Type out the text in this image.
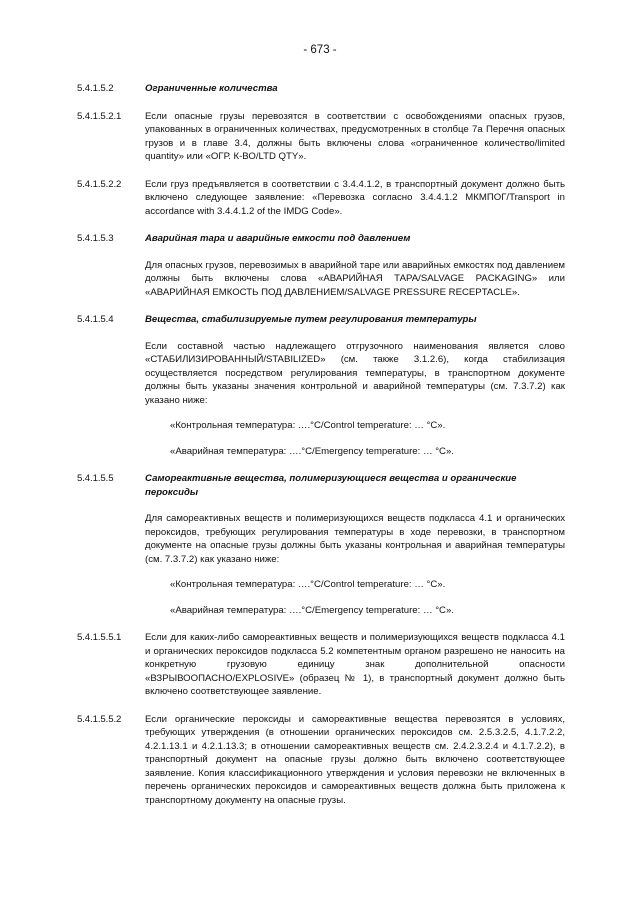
- 673 -
5.4.1.5.2	Ограниченные количества
5.4.1.5.2.1 Если опасные грузы перевозятся в соответствии с освобождениями опасных грузов, упакованных в ограниченных количествах, предусмотренных в столбце 7a Перечня опасных грузов и в главе 3.4, должны быть включены слова «ограниченное количество/limited quantity» или «ОГР. К-ВО/LTD QTY».
5.4.1.5.2.2 Если груз предъявляется в соответствии с 3.4.4.1.2, в транспортный документ должно быть включено следующее заявление: «Перевозка согласно 3.4.4.1.2 МКМПОГ/Transport in accordance with 3.4.4.1.2 of the IMDG Code».
5.4.1.5.3	Аварийная тара и аварийные емкости под давлением
Для опасных грузов, перевозимых в аварийной таре или аварийных емкостях под давлением должны быть включены слова «АВАРИЙНАЯ ТАРА/SALVAGE PACKAGING» или «АВАРИЙНАЯ ЕМКОСТЬ ПОД ДАВЛЕНИЕМ/SALVAGE PRESSURE RECEPTACLE».
5.4.1.5.4	Вещества, стабилизируемые путем регулирования температуры
Если составной частью надлежащего отгрузочного наименования является слово «СТАБИЛИЗИРОВАННЫЙ/STABILIZED» (см. также 3.1.2.6), когда стабилизация осуществляется посредством регулирования температуры, в транспортном документе должны быть указаны значения контрольной и аварийной температуры (см. 7.3.7.2) как указано ниже:
«Контрольная температура: ….°C/Control temperature: … °C».
«Аварийная температура: ….°C/Emergency temperature: … °C».
5.4.1.5.5	Самореактивные вещества, полимеризующиеся вещества и органические пероксиды
Для самореактивных веществ и полимеризующихся веществ подкласса 4.1 и органических пероксидов, требующих регулирования температуры в ходе перевозки, в транспортном документе на опасные грузы должны быть указаны контрольная и аварийная температуры (см. 7.3.7.2) как указано ниже:
«Контрольная температура: ….°C/Control temperature: … °C».
«Аварийная температура: ….°C/Emergency temperature: … °C».
5.4.1.5.5.1 Если для каких-либо самореактивных веществ и полимеризующихся веществ подкласса 4.1 и органических пероксидов подкласса 5.2 компетентным органом разрешено не наносить на конкретную грузовую единицу знак дополнительной опасности «ВЗРЫВООПАСНО/EXPLOSIVE» (образец № 1), в транспортный документ должно быть включено соответствующее заявление.
5.4.1.5.5.2 Если органические пероксиды и самореактивные вещества перевозятся в условиях, требующих утверждения (в отношении органических пероксидов см. 2.5.3.2.5, 4.1.7.2.2, 4.2.1.13.1 и 4.2.1.13.3; в отношении самореактивных веществ см. 2.4.2.3.2.4 и 4.1.7.2.2), в транспортный документ на опасные грузы должно быть включено соответствующее заявление. Копия классификационного утверждения и условия перевозки не включенных в перечень органических пероксидов и самореактивных веществ должна быть приложена к транспортному документу на опасные грузы.
